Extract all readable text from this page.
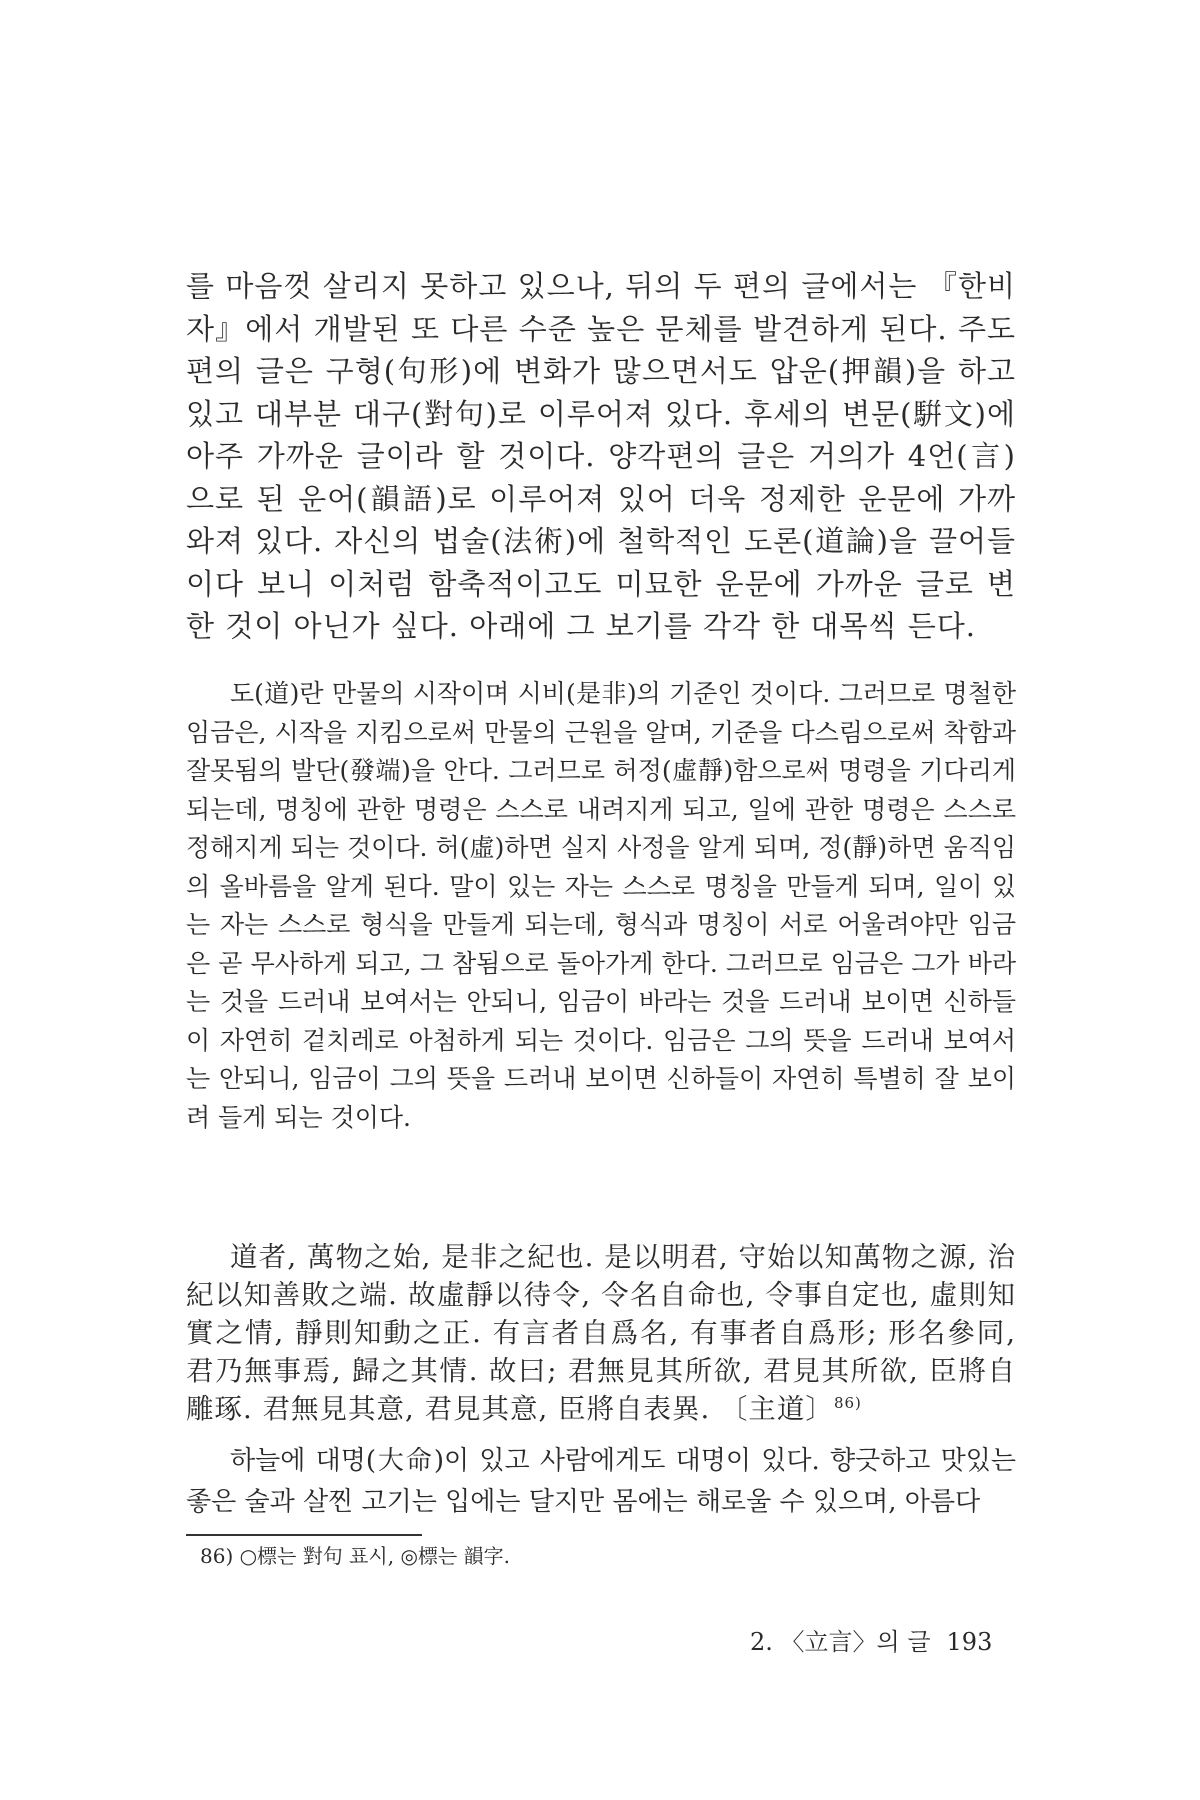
를 마음껏 살리지 못하고 있으나, 뒤의 두 편의 글에서는 『한비자』에서 개발된 또 다른 수준 높은 문체를 발견하게 된다. 주도편의 글은 구형(句形)에 변화가 많으면서도 압운(押韻)을 하고 있고 대부분 대구(對句)로 이루어져 있다. 후세의 변문(騈文)에 아주 가까운 글이라 할 것이다. 양각편의 글은 거의가 4언(言)으로 된 운어(韻語)로 이루어져 있어 더욱 정제한 운문에 가까와져 있다. 자신의 법술(法術)에 철학적인 도론(道論)을 끌어들이다 보니 이처럼 함축적이고도 미묘한 운문에 가까운 글로 변한 것이 아닌가 싶다. 아래에 그 보기를 각각 한 대목씩 든다.

도(道)란 만물의 시작이며 시비(是非)의 기준인 것이다. 그러므로 명철한 임금은, 시작을 지킴으로써 만물의 근원을 알며, 기준을 다스림으로써 착함과 잘못됨의 발단(發端)을 안다. 그러므로 허정(虛靜)함으로써 명령을 기다리게 되는데, 명칭에 관한 명령은 스스로 내려지게 되고, 일에 관한 명령은 스스로 정해지게 되는 것이다. 허(虛)하면 실지 사정을 알게 되며, 정(靜)하면 움직임의 올바름을 알게 된다. 말이 있는 자는 스스로 명칭을 만들게 되며, 일이 있는 자는 스스로 형식을 만들게 되는데, 형식과 명칭이 서로 어울려야만 임금은 곧 무사하게 되고, 그 참됨으로 돌아가게 한다. 그러므로 임금은 그가 바라는 것을 드러내 보여서는 안되니, 임금이 바라는 것을 드러내 보이면 신하들이 자연히 겉치레로 아첨하게 되는 것이다. 임금은 그의 뜻을 드러내 보여서는 안되니, 임금이 그의 뜻을 드러내 보이면 신하들이 자연히 특별히 잘 보이려 들게 되는 것이다.

道者, 萬物之始, 是非之紀也. 是以明君, 守始以知萬物之源, 治紀以知善敗之端. 故虛靜以待令, 令名自命也, 令事自定也, 虛則知實之情, 靜則知動之正. 有言者自爲名, 有事者自爲形; 形名參同, 君乃無事焉, 歸之其情. 故曰; 君無見其所欲, 君見其所欲, 臣將自雕琢. 君無見其意, 君見其意, 臣將自表異. 〔主道〕$^{86)}$

하늘에 대명(大命)이 있고 사람에게도 대명이 있다. 향긋하고 맛있는 좋은 술과 살찐 고기는 입에는 달지만 몸에는 해로울 수 있으며, 아름다

86) ○標는 對句 표시, ◎標는 韻字.
2. 〈立言〉의 글 193
